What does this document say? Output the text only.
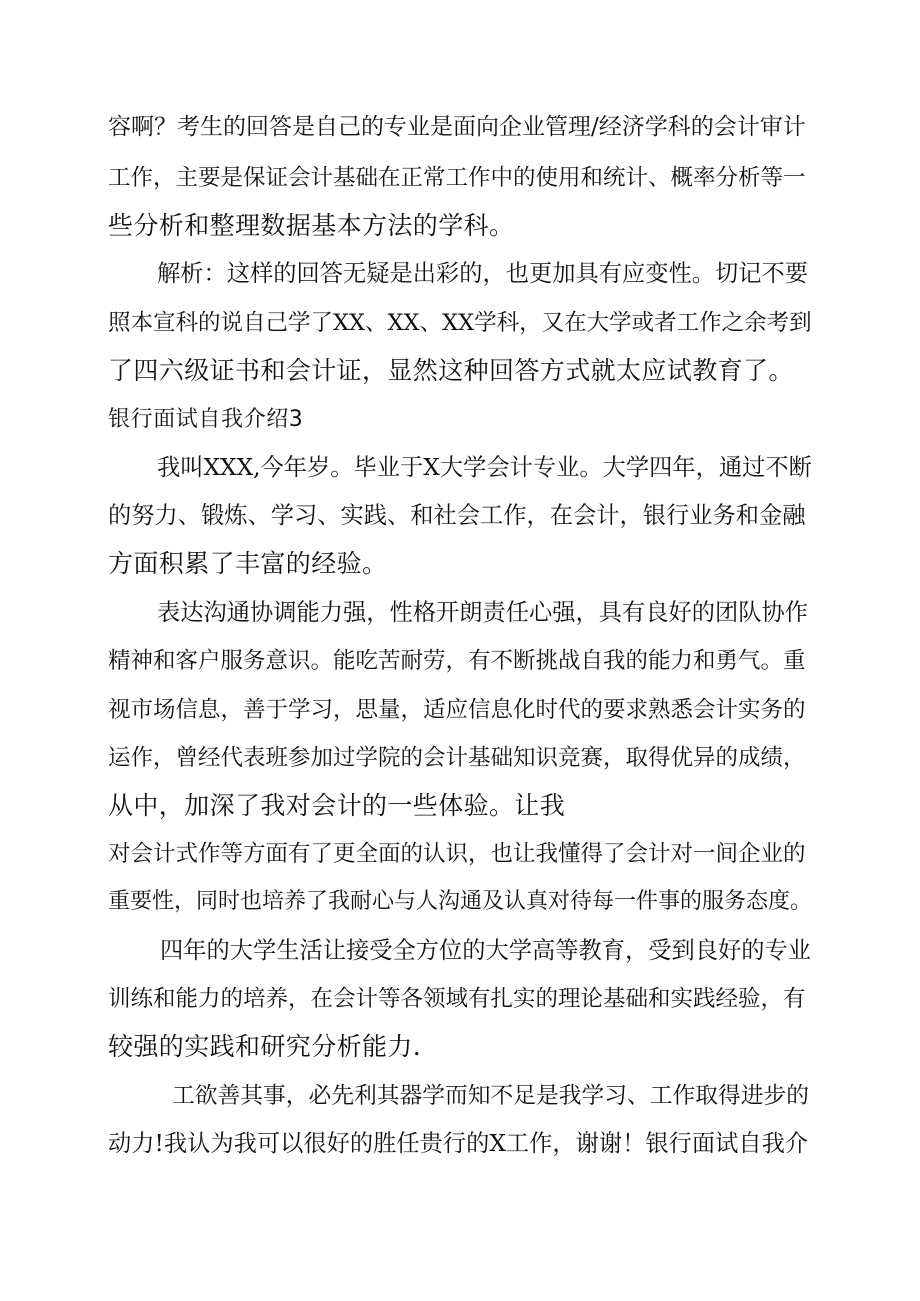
容啊？考生的回答是自己的专业是面向企业管理/经济学科的会计审计
工作，主要是保证会计基础在正常工作中的使用和统计、概率分析等一
些分析和整理数据基本方法的学科。
解析：这样的回答无疑是出彩的，也更加具有应变性。切记不要
照本宣科的说自己学了XX、XX、XX学科，又在大学或者工作之余考到
了四六级证书和会计证，显然这种回答方式就太应试教育了。
银行面试自我介绍3
我叫XXX,今年岁。毕业于X大学会计专业。大学四年，通过不断
的努力、锻炼、学习、实践、和社会工作，在会计，银行业务和金融
方面积累了丰富的经验。
表达沟通协调能力强，性格开朗责任心强，具有良好的团队协作
精神和客户服务意识。能吃苦耐劳，有不断挑战自我的能力和勇气。重
视市场信息，善于学习，思量，适应信息化时代的要求熟悉会计实务的
运作，曾经代表班参加过学院的会计基础知识竞赛，取得优异的成绩，
从中，加深了我对会计的一些体验。让我
对会计式作等方面有了更全面的认识，也让我懂得了会计对一间企业的
重要性，同时也培养了我耐心与人沟通及认真对待每一件事的服务态度。
四年的大学生活让接受全方位的大学高等教育，受到良好的专业
训练和能力的培养，在会计等各领域有扎实的理论基础和实践经验，有
较强的实践和研究分析能力.
工欲善其事，必先利其器学而知不足是我学习、工作取得进步的
动力!我认为我可以很好的胜任贵行的X工作，谢谢！银行面试自我介
